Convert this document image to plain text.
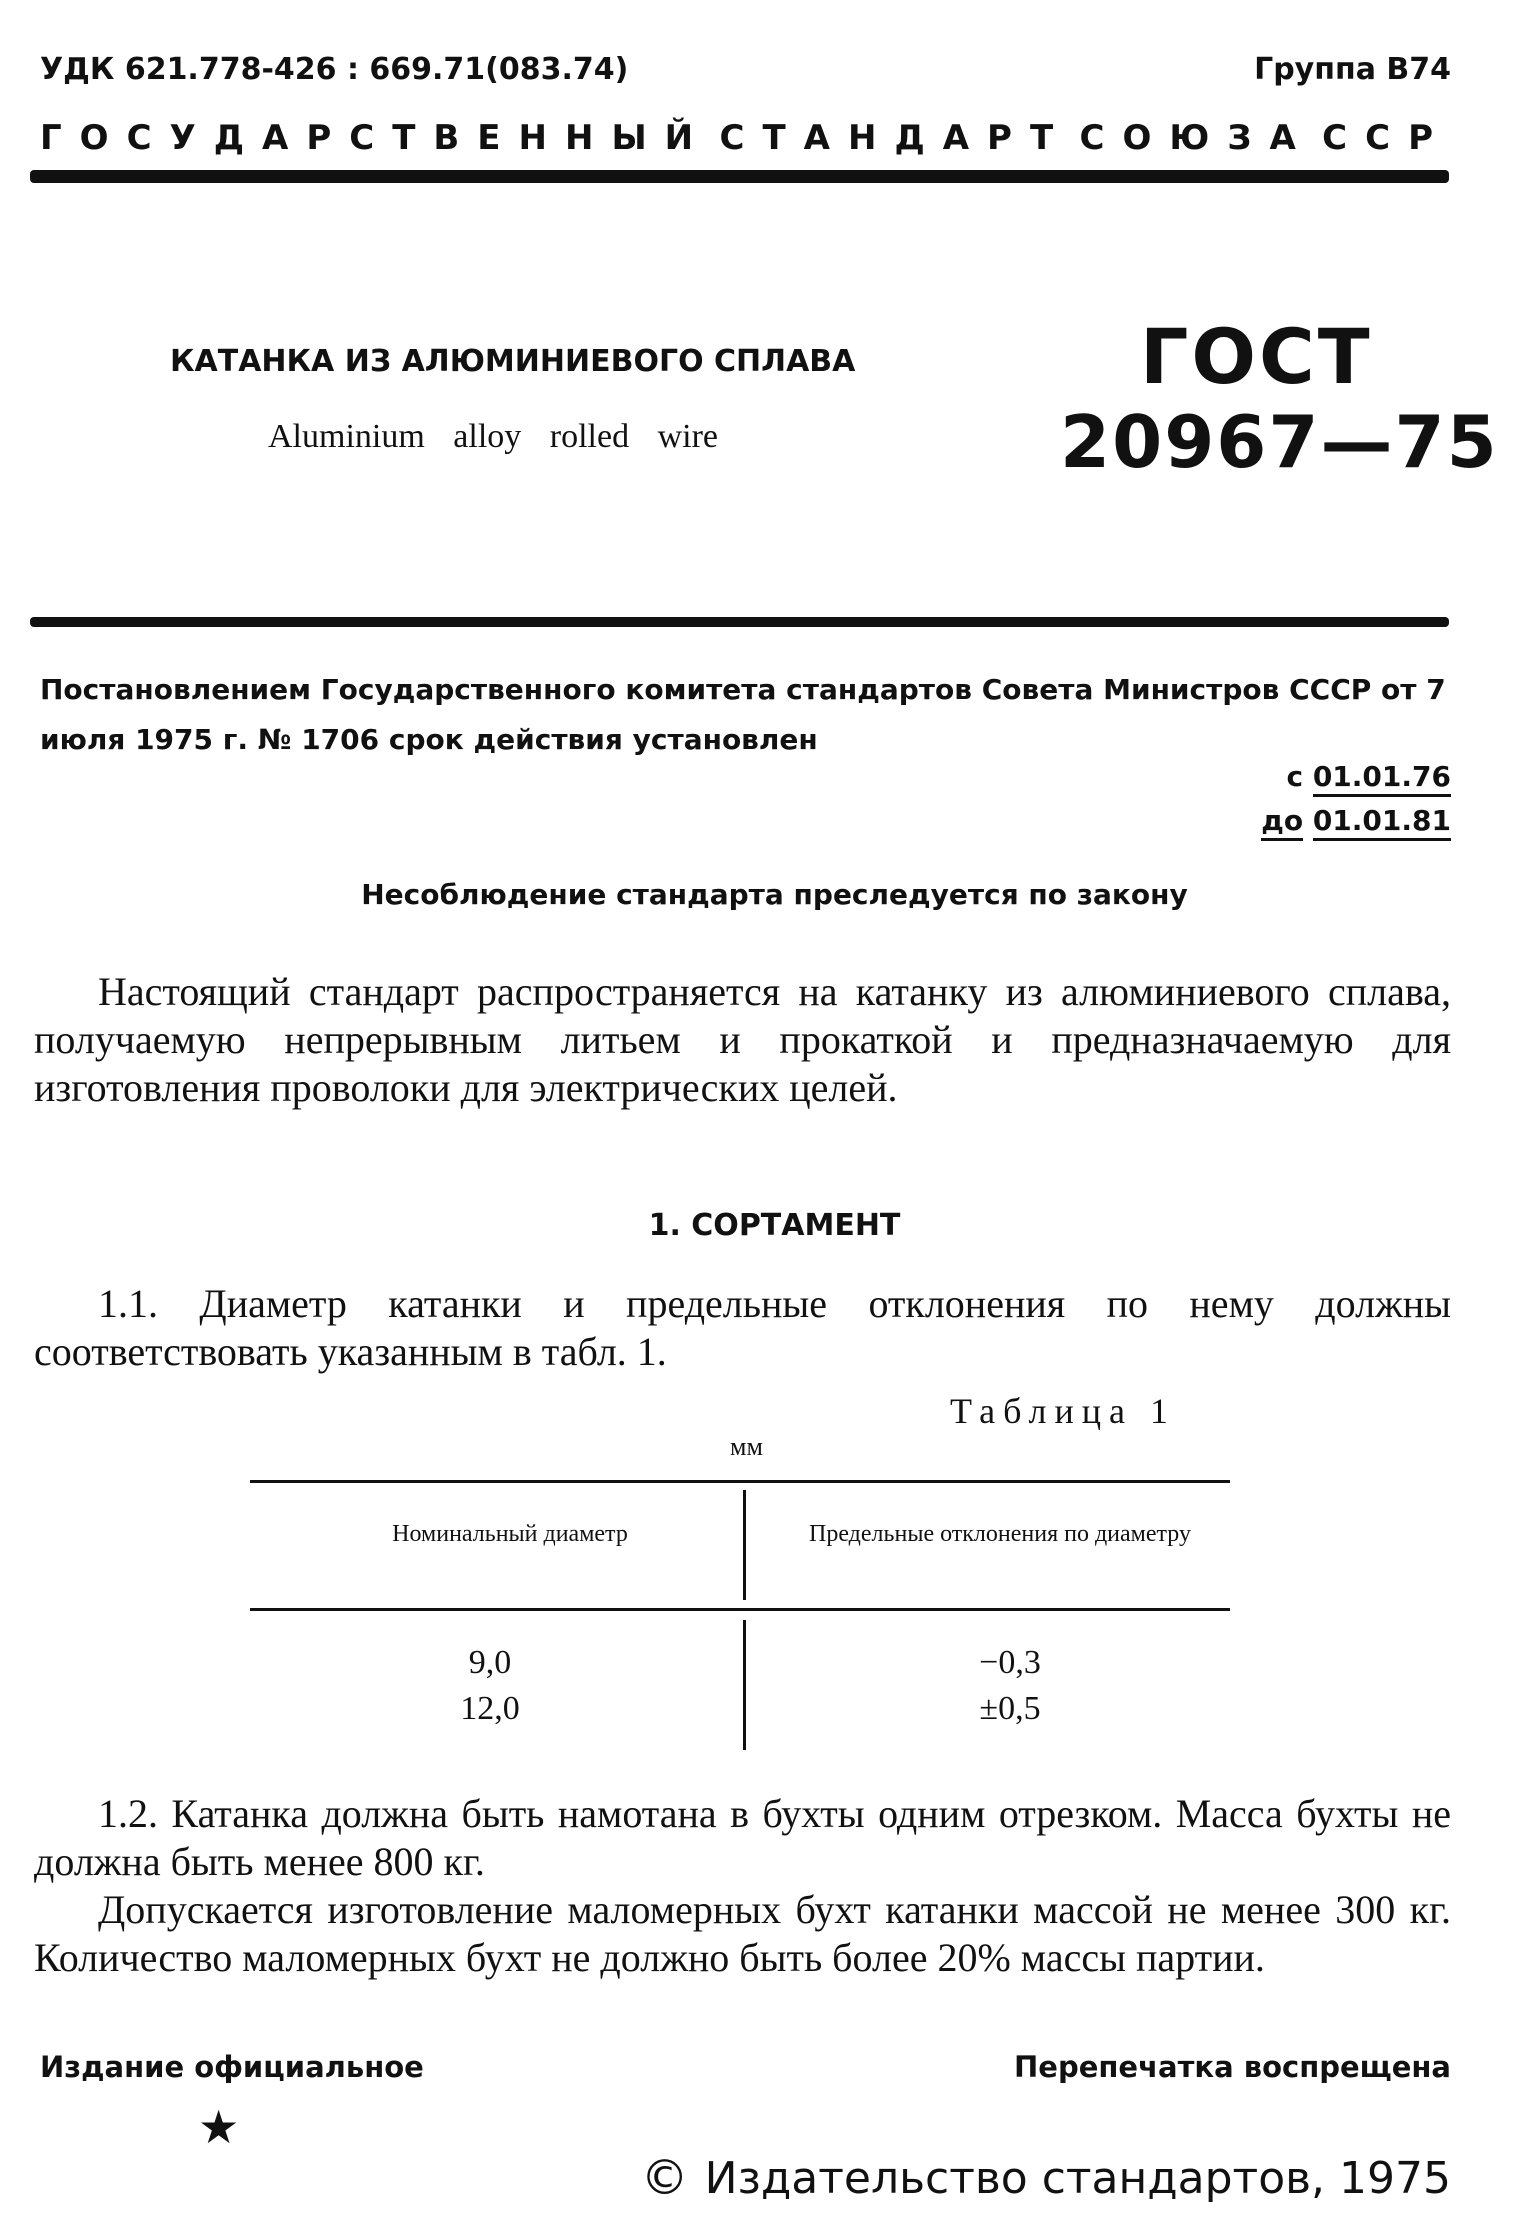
УДК 621.778-426 : 669.71(083.74)	Группа В74
ГОСУДАРСТВЕННЫЙ СТАНДАРТ СОЮЗА ССР
КАТАНКА ИЗ АЛЮМИНИЕВОГО СПЛАВА
Aluminium alloy rolled wire
ГОСТ
20967—75
Постановлением Государственного комитета стандартов Совета Министров СССР от 7 июля 1975 г. № 1706 срок действия установлен
с 01.01.76
до 01.01.81
Несоблюдение стандарта преследуется по закону
Настоящий стандарт распространяется на катанку из алюминиевого сплава, получаемую непрерывным литьем и прокаткой и предназначаемую для изготовления проволоки для электрических целей.
1. СОРТАМЕНТ
1.1. Диаметр катанки и предельные отклонения по нему должны соответствовать указанным в табл. 1.
Таблица 1
мм
Номинальный диаметр	Предельные отклонения по диаметру
9,0	−0,3
12,0	±0,5
1.2. Катанка должна быть намотана в бухты одним отрезком. Масса бухты не должна быть менее 800 кг.
Допускается изготовление маломерных бухт катанки массой не менее 300 кг. Количество маломерных бухт не должно быть более 20% массы партии.
Издание официальное	Перепечатка воспрещена
★
© Издательство стандартов, 1975
